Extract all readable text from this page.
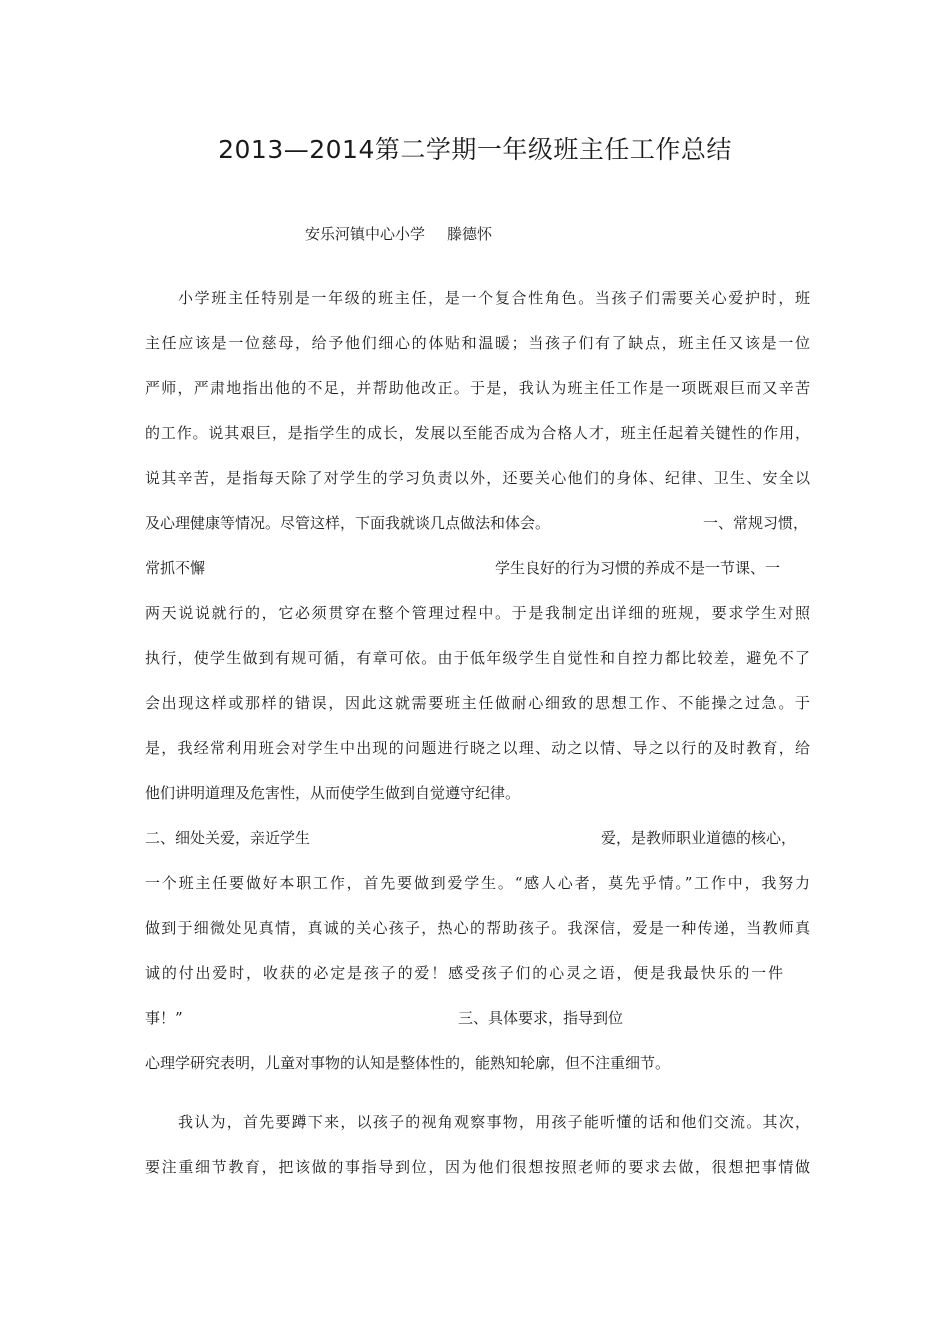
2013—2014第二学期一年级班主任工作总结
安乐河镇中心小学 滕德怀
小学班主任特别是一年级的班主任，是一个复合性角色。当孩子们需要关心爱护时，班
主任应该是一位慈母，给予他们细心的体贴和温暖；当孩子们有了缺点，班主任又该是一位
严师，严肃地指出他的不足，并帮助他改正。于是，我认为班主任工作是一项既艰巨而又辛苦
的工作。说其艰巨，是指学生的成长，发展以至能否成为合格人才，班主任起着关键性的作用，
说其辛苦，是指每天除了对学生的学习负责以外，还要关心他们的身体、纪律、卫生、安全以
及心理健康等情况。尽管这样，下面我就谈几点做法和体会。	一、常规习惯，
常抓不懈	学生良好的行为习惯的养成不是一节课、一
两天说说就行的，它必须贯穿在整个管理过程中。于是我制定出详细的班规，要求学生对照
执行，使学生做到有规可循，有章可依。由于低年级学生自觉性和自控力都比较差，避免不了
会出现这样或那样的错误，因此这就需要班主任做耐心细致的思想工作、不能操之过急。于
是，我经常利用班会对学生中出现的问题进行晓之以理、动之以情、导之以行的及时教育，给
他们讲明道理及危害性，从而使学生做到自觉遵守纪律。
二、细处关爱，亲近学生	爱，是教师职业道德的核心，
一个班主任要做好本职工作，首先要做到爱学生。“感人心者，莫先乎情。”工作中，我努力
做到于细微处见真情，真诚的关心孩子，热心的帮助孩子。我深信，爱是一种传递，当教师真
诚的付出爱时，收获的必定是孩子的爱！感受孩子们的心灵之语，便是我最快乐的一件
事！”	三、具体要求，指导到位
心理学研究表明，儿童对事物的认知是整体性的，能熟知轮廓，但不注重细节。
我认为，首先要蹲下来，以孩子的视角观察事物，用孩子能听懂的话和他们交流。其次，
要注重细节教育，把该做的事指导到位，因为他们很想按照老师的要求去做，很想把事情做
